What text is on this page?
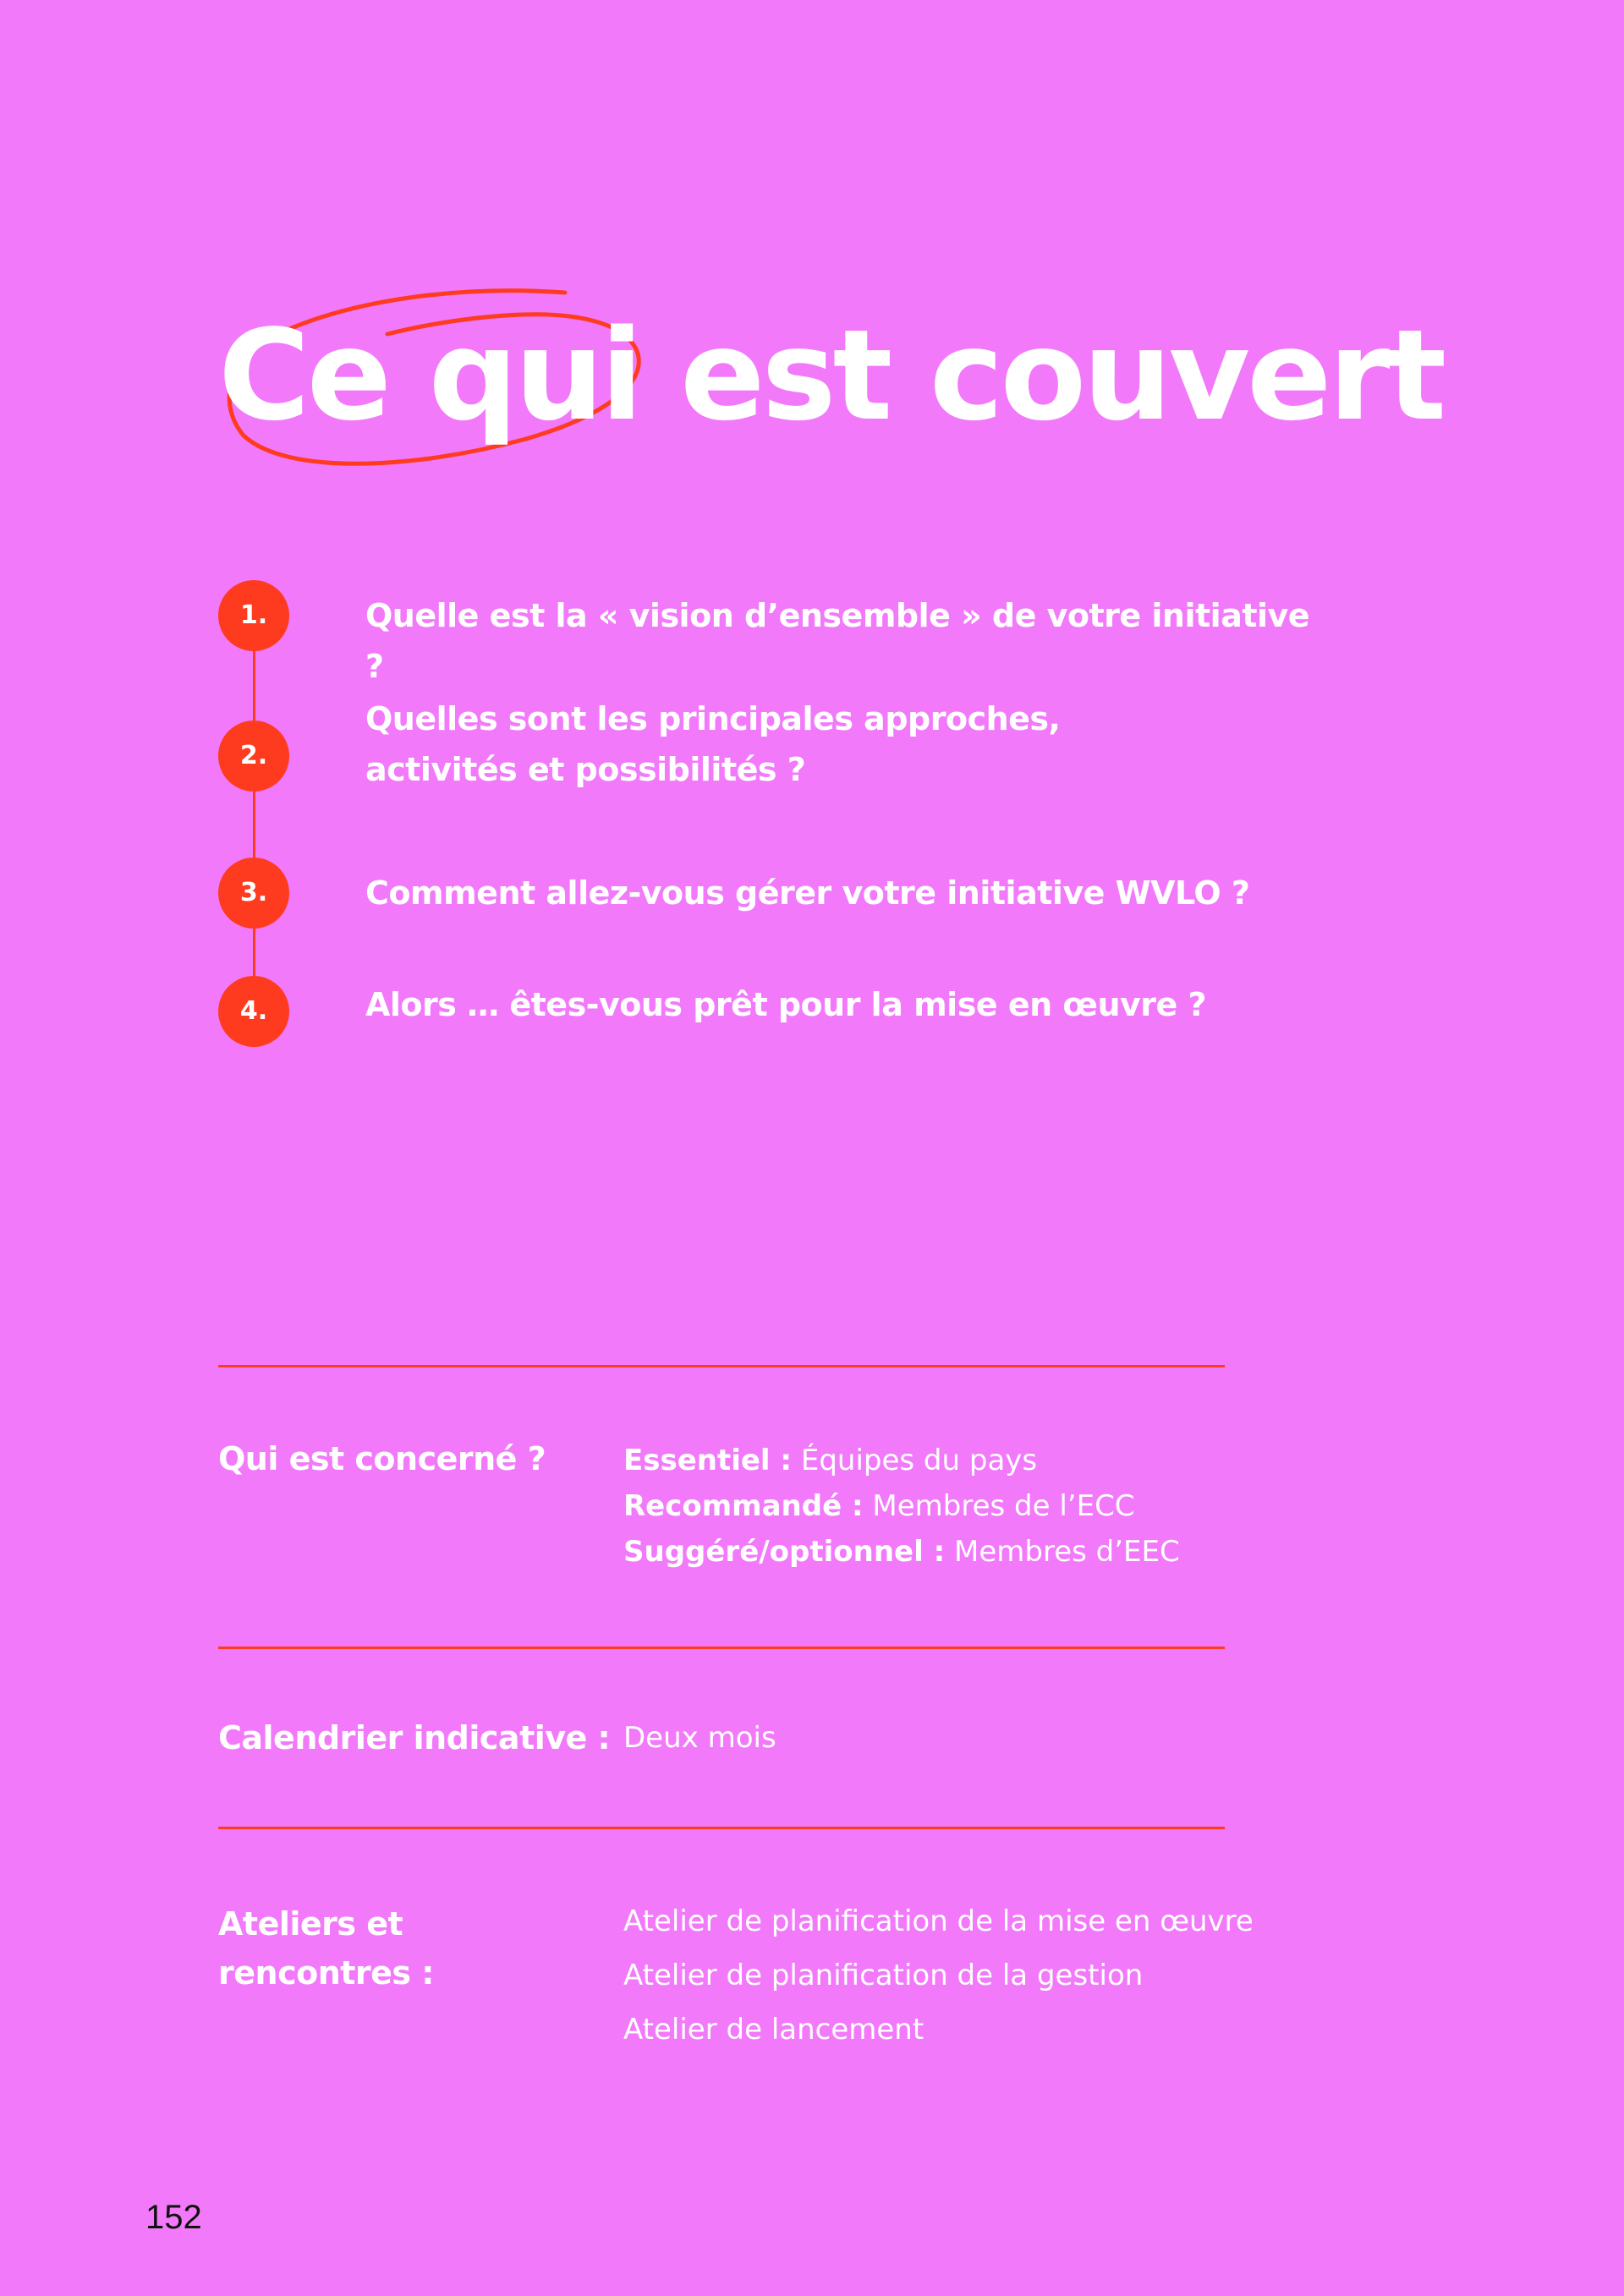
Ce qui est couvert
1.	Quelle est la « vision d’ensemble » de votre initiative ?
2.
Quelles sont les principales approches,
activités et possibilités ?
3.	Comment allez-vous gérer votre initiative WVLO ?
4.	Alors … êtes-vous prêt pour la mise en œuvre ?
Qui est concerné ?	Essentiel : Équipes du pays
Recommandé : Membres de l’ECC
Suggéré/optionnel : Membres d’EEC
Calendrier indicative : Deux mois
Ateliers et
rencontres :
Atelier de planification de la mise en œuvre
Atelier de planification de la gestion
Atelier de lancement
152
